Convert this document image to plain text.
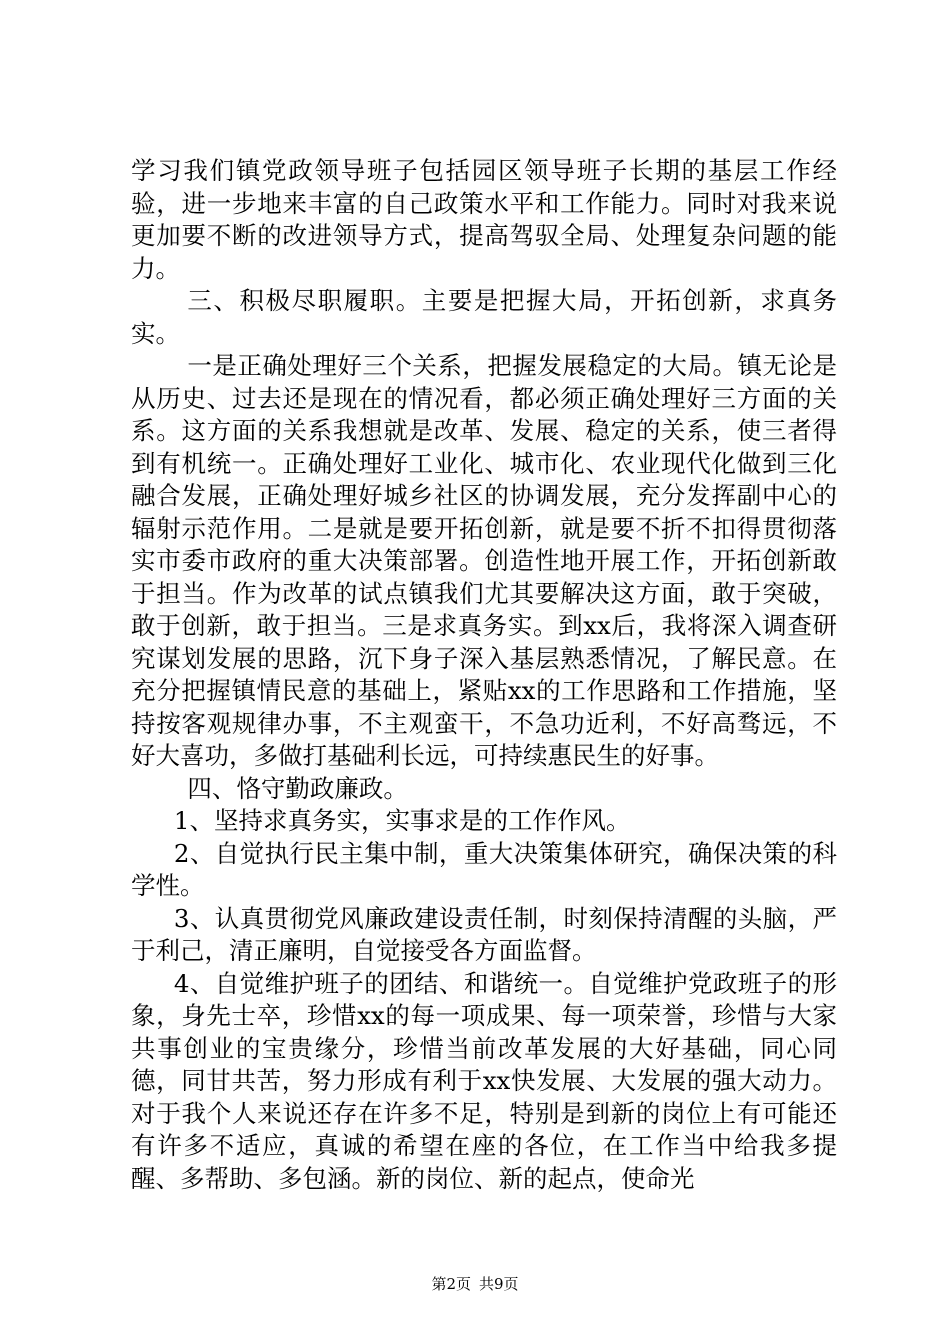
学习我们镇党政领导班子包括园区领导班子长期的基层工作经验，进一步地来丰富的自己政策水平和工作能力。同时对我来说更加要不断的改进领导方式，提高驾驭全局、处理复杂问题的能力。

三、积极尽职履职。主要是把握大局，开拓创新，求真务实。

一是正确处理好三个关系，把握发展稳定的大局。镇无论是从历史、过去还是现在的情况看，都必须正确处理好三方面的关系。这方面的关系我想就是改革、发展、稳定的关系，使三者得到有机统一。正确处理好工业化、城市化、农业现代化做到三化融合发展，正确处理好城乡社区的协调发展，充分发挥副中心的辐射示范作用。二是就是要开拓创新，就是要不折不扣得贯彻落实市委市政府的重大决策部署。创造性地开展工作，开拓创新敢于担当。作为改革的试点镇我们尤其要解决这方面，敢于突破，敢于创新，敢于担当。三是求真务实。到xx后，我将深入调查研究谋划发展的思路，沉下身子深入基层熟悉情况，了解民意。在充分把握镇情民意的基础上，紧贴xx的工作思路和工作措施，坚持按客观规律办事，不主观蛮干，不急功近利，不好高骛远，不好大喜功，多做打基础利长远，可持续惠民生的好事。

四、恪守勤政廉政。

1、坚持求真务实，实事求是的工作作风。

2、自觉执行民主集中制，重大决策集体研究，确保决策的科学性。

3、认真贯彻党风廉政建设责任制，时刻保持清醒的头脑，严于利己，清正廉明，自觉接受各方面监督。

4、自觉维护班子的团结、和谐统一。自觉维护党政班子的形象，身先士卒，珍惜xx的每一项成果、每一项荣誉，珍惜与大家共事创业的宝贵缘分，珍惜当前改革发展的大好基础，同心同德，同甘共苦，努力形成有利于xx快发展、大发展的强大动力。对于我个人来说还存在许多不足，特别是到新的岗位上有可能还有许多不适应，真诚的希望在座的各位，在工作当中给我多提醒、多帮助、多包涵。新的岗位、新的起点，使命光

第2页 共9页
